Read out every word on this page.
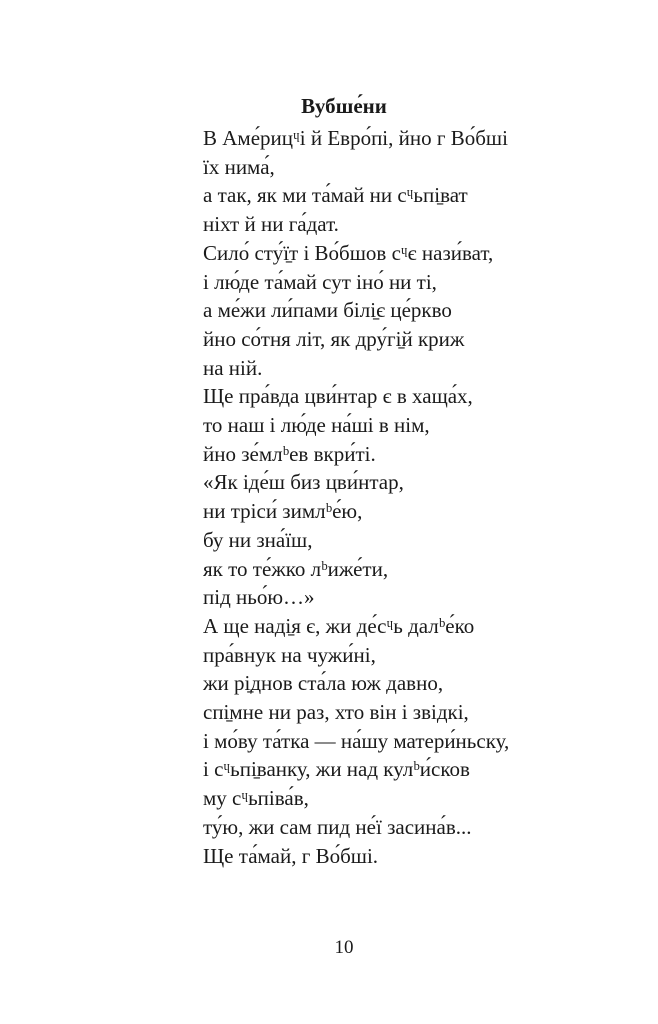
Вубше́ни
В Аме́рицᶣі й Евро́пі, йно г Во́бші
їх нима́,
а так, як ми та́май ни сᶣьпі̱ват
ніхт й ни га́дат.
Сило́ сту́ї̱т і Во́бшов сᶣє нази́ват,
і лю́де та́май сут іно́ ни ті,
а ме́жи ли́пами білі̱є це́ркво
йно со́тня літ, як дру́гі̱й криж
на ній.
Ще пра́вда цви́нтар є в хаща́х,
то наш і лю́де на́ші в нім,
йно зе́млᵇев вкри́ті.
«Як іде́ш биз цви́нтар,
ни тріси́ зимлᵇе́ю,
бу ни зна́їш,
як то те́жко лᵇиже́ти,
під ньо́ю…»
А ще наді̱я є, жи де́сᶣь далᵇе́ко
пра́внук на чужи́ні,
жи рі̱днов ста́ла юж давно,
спі̱мне ни раз, хто він і звідкі,
і мо́ву та́тка — на́шу матери́ньску,
і сᶣьпі̱ванку, жи над кулᵇи́сков
му сᶣьпіва́в,
ту́ю, жи сам пид не́ї засина́в...
Ще та́май, г Во́бші.
10
